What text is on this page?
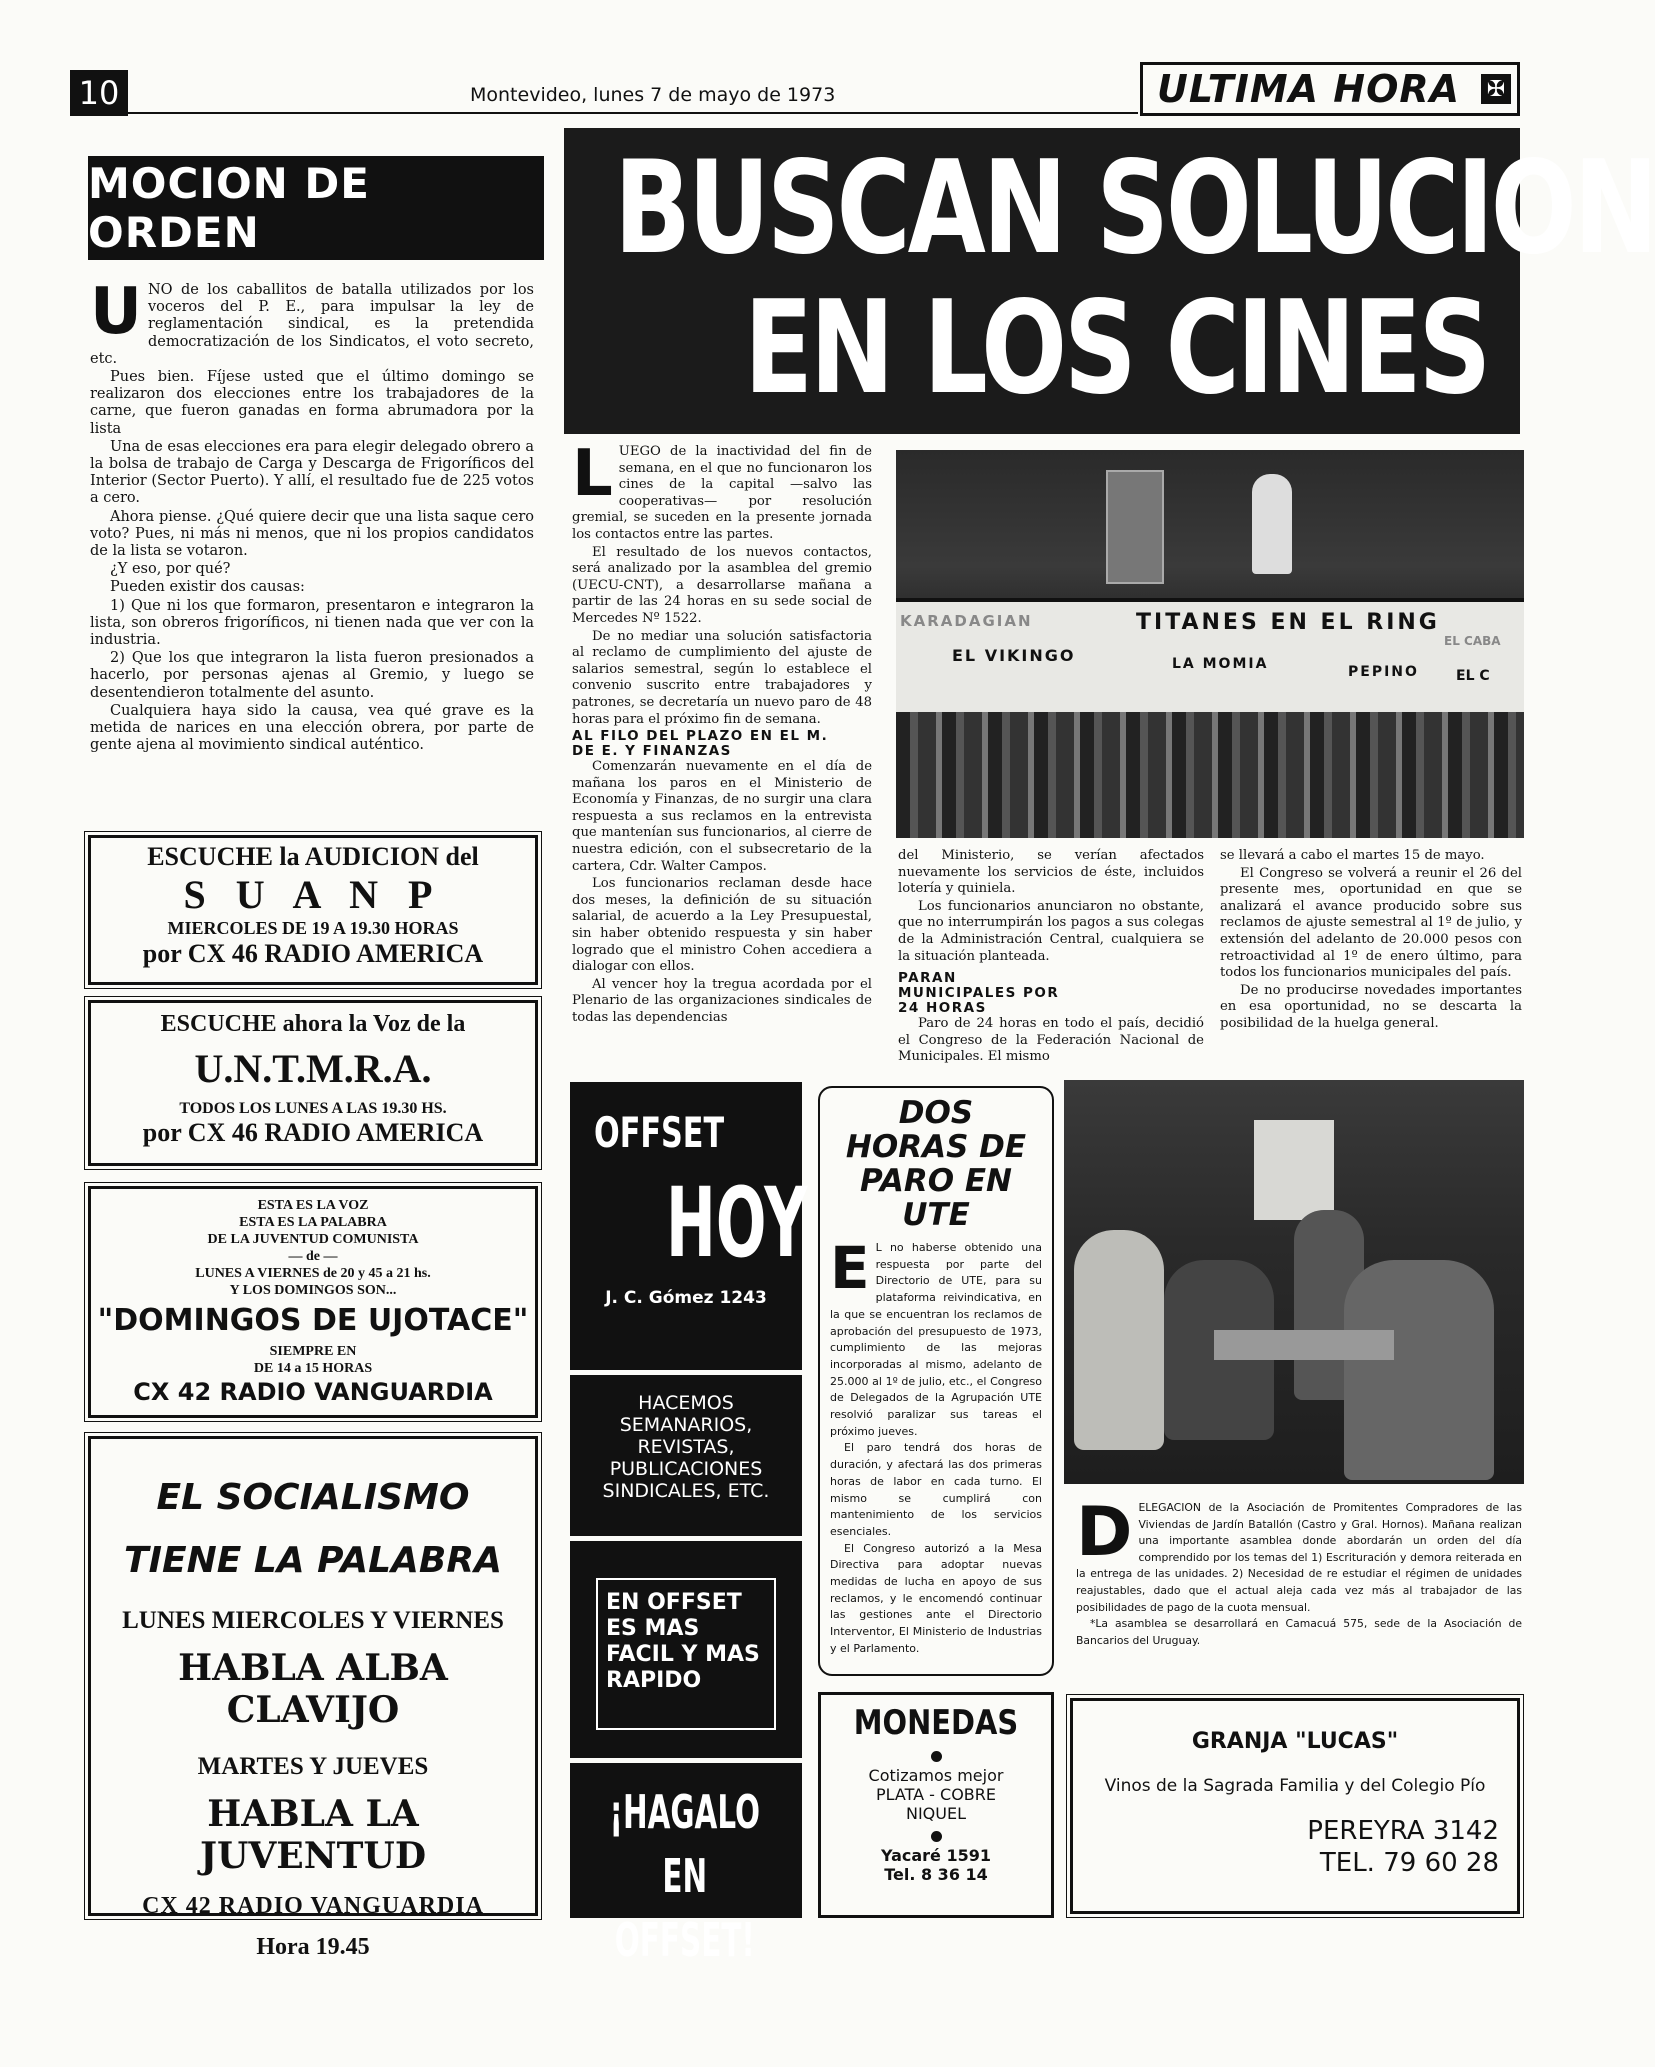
10	Montevideo, lunes 7 de mayo de 1973	ULTIMA HORA ✠
MOCION DE ORDEN
U NO de los caballitos de batalla utilizados por los voceros del P. E., para impulsar la ley de reglamentación sindical, es la pretendida democratización de los Sindicatos, el voto secreto, etc.

Pues bien. Fíjese usted que el último domingo se realizaron dos elecciones entre los trabajadores de la carne, que fueron ganadas en forma abrumadora por la lista

Una de esas elecciones era para elegir delegado obrero a la bolsa de trabajo de Carga y Descarga de Frigoríficos del Interior (Sector Puerto). Y allí, el resultado fue de 225 votos a cero.

Ahora piense. ¿Qué quiere decir que una lista saque cero voto? Pues, ni más ni menos, que ni los propios candidatos de la lista se votaron.

¿Y eso, por qué?

Pueden existir dos causas:

1) Que ni los que formaron, presentaron e integraron la lista, son obreros frigoríficos, ni tienen nada que ver con la industria.

2) Que los que integraron la lista fueron presionados a hacerlo, por personas ajenas al Gremio, y luego se desentendieron totalmente del asunto.

Cualquiera haya sido la causa, vea qué grave es la metida de narices en una elección obrera, por parte de gente ajena al movimiento sindical auténtico.

ESCUCHE la AUDICION del
S U A N P
MIERCOLES DE 19 A 19.30 HORAS
por CX 46 RADIO AMERICA
ESCUCHE ahora la Voz de la
U.N.T.M.R.A.
TODOS LOS LUNES A LAS 19.30 HS.
por CX 46 RADIO AMERICA
ESTA ES LA VOZ
ESTA ES LA PALABRA
DE LA JUVENTUD COMUNISTA
— de —
LUNES A VIERNES de 20 y 45 a 21 hs.
Y LOS DOMINGOS SON...
"DOMINGOS DE UJOTACE"
SIEMPRE EN
DE 14 a 15 HORAS
CX 42 RADIO VANGUARDIA
EL SOCIALISMO
TIENE LA PALABRA
LUNES MIERCOLES Y VIERNES
HABLA ALBA CLAVIJO
MARTES Y JUEVES
HABLA LA JUVENTUD
CX 42 RADIO VANGUARDIA
Hora 19.45
BUSCAN SOLUCION
EN LOS CINES
L UEGO de la inactividad del fin de semana, en el que no funcionaron los cines de la capital —salvo las cooperativas— por resolución gremial, se suceden en la presente jornada los contactos entre las partes.

El resultado de los nuevos contactos, será analizado por la asamblea del gremio (UECU-CNT), a desarrollarse mañana a partir de las 24 horas en su sede social de Mercedes Nº 1522.

De no mediar una solución satisfactoria al reclamo de cumplimiento del ajuste de salarios semestral, según lo establece el convenio suscrito entre trabajadores y patrones, se decretaría un nuevo paro de 48 horas para el próximo fin de semana.

AL FILO DEL PLAZO EN EL M. DE E. Y FINANZAS

Comenzarán nuevamente en el día de mañana los paros en el Ministerio de Economía y Finanzas, de no surgir una clara respuesta a sus reclamos en la entrevista que mantenían sus funcionarios, al cierre de nuestra edición, con el subsecretario de la cartera, Cdr. Walter Campos.

Los funcionarios reclaman desde hace dos meses, la definición de su situación salarial, de acuerdo a la Ley Presupuestal, sin haber obtenido respuesta y sin haber logrado que el ministro Cohen accediera a dialogar con ellos.

Al vencer hoy la tregua acordada por el Plenario de las organizaciones sindicales de todas las dependencias

KARADAGIAN	TITANES EN EL RING
EL VIKINGO	LA MOMIA	PEPINO
EL CABA
EL C

del Ministerio, se verían afectados nuevamente los servicios de éste, incluidos lotería y quiniela.

Los funcionarios anunciaron no obstante, que no interrumpirán los pagos a sus colegas de la Administración Central, cualquiera se la situación planteada.

PARAN MUNICIPALES POR 24 HORAS

Paro de 24 horas en todo el país, decidió el Congreso de la Federación Nacional de Municipales. El mismo

se llevará a cabo el martes 15 de mayo.

El Congreso se volverá a reunir el 26 del presente mes, oportunidad en que se analizará el avance producido sobre sus reclamos de ajuste semestral al 1º de julio, y extensión del adelanto de 20.000 pesos con retroactividad al 1º de enero último, para todos los funcionarios municipales del país.

De no producirse novedades importantes en esa oportunidad, no se descarta la posibilidad de la huelga general.

OFFSET
HOY
J. C. Gómez 1243
HACEMOS SEMANARIOS, REVISTAS, PUBLICACIONES SINDICALES, ETC.
EN OFFSET ES MAS FACIL Y MAS RAPIDO
¡HAGALO EN OFFSET!
DOS HORAS DE PARO EN UTE
E L no haberse obtenido una respuesta por parte del Directorio de UTE, para su plataforma reivindicativa, en la que se encuentran los reclamos de aprobación del presupuesto de 1973, cumplimiento de las mejoras incorporadas al mismo, adelanto de 25.000 al 1º de julio, etc., el Congreso de Delegados de la Agrupación UTE resolvió paralizar sus tareas el próximo jueves.

El paro tendrá dos horas de duración, y afectará las dos primeras horas de labor en cada turno. El mismo se cumplirá con mantenimiento de los servicios esenciales.

El Congreso autorizó a la Mesa Directiva para adoptar nuevas medidas de lucha en apoyo de sus reclamos, y le encomendó continuar las gestiones ante el Directorio Interventor, El Ministerio de Industrias y el Parlamento.

D ELEGACION de la Asociación de Promitentes Compradores de las Viviendas de Jardín Batallón (Castro y Gral. Hornos). Mañana realizan una importante asamblea donde abordarán un orden del día comprendido por los temas del 1) Escrituración y demora reiterada en la entrega de las unidades. 2) Necesidad de re estudiar el régimen de unidades reajustables, dado que el actual aleja cada vez más al trabajador de las posibilidades de pago de la cuota mensual.

*La asamblea se desarrollará en Camacuá 575, sede de la Asociación de Bancarios del Uruguay.

MONEDAS
Cotizamos mejor
PLATA - COBRE
NIQUEL
Yacaré 1591
Tel. 8 36 14
GRANJA "LUCAS"
Vinos de la Sagrada Familia y del Colegio Pío
PEREYRA 3142
TEL. 79 60 28
